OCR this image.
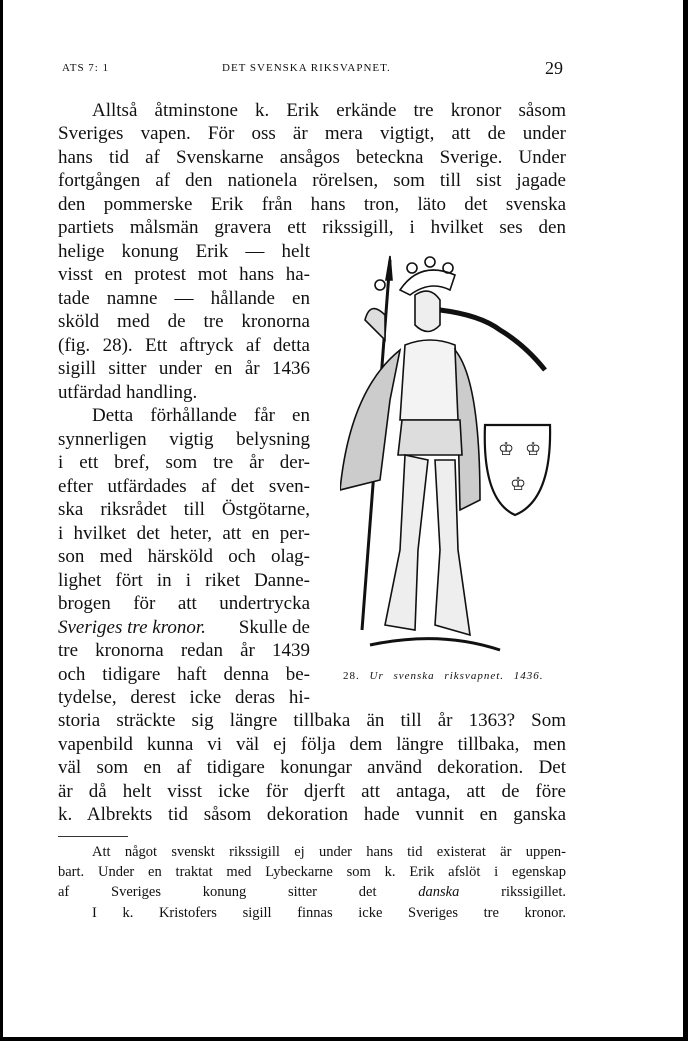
ATS 7: 1	DET SVENSKA RIKSVAPNET.	29
Alltså åtminstone k. Erik erkände tre kronor såsom
Sveriges vapen. För oss är mera vigtigt, att de under
hans tid af Svenskarne ansågos beteckna Sverige. Under
fortgången af den nationela rörelsen, som till sist jagade
den pommerske Erik från hans tron, läto det svenska
partiets målsmän gravera ett rikssigill, i hvilket ses den
helige konung Erik — helt
visst en protest mot hans ha-
tade namne — hållande en
sköld med de tre kronorna
(fig. 28). Ett aftryck af detta
sigill sitter under en år 1436
utfärdad handling.
Detta förhållande får en
synnerligen vigtig belysning
i ett bref, som tre år der-
efter utfärdades af det sven-
ska riksrådet till Östgötarne,
i hvilket det heter, att en per-
son med härsköld och olag-
lighet fört in i riket Danne-
brogen för att undertrycka
Sveriges tre kronor. Skulle de
tre kronorna redan år 1439
och tidigare haft denna be-
tydelse, derest icke deras hi-
storia sträckte sig längre tillbaka än till år 1363? Som
vapenbild kunna vi väl ej följa dem längre tillbaka, men
väl som en af tidigare konungar använd dekoration. Det
är då helt visst icke för djerft att antaga, att de före
k. Albrekts tid såsom dekoration hade vunnit en ganska
♔ ♔
♔
28. Ur svenska riksvapnet. 1436.
Att något svenskt rikssigill ej under hans tid existerat är uppen-
bart. Under en traktat med Lybeckarne som k. Erik afslöt i egenskap
af Sveriges konung sitter det	danska	rikssigillet.
I k. Kristofers sigill finnas icke Sveriges tre kronor.
